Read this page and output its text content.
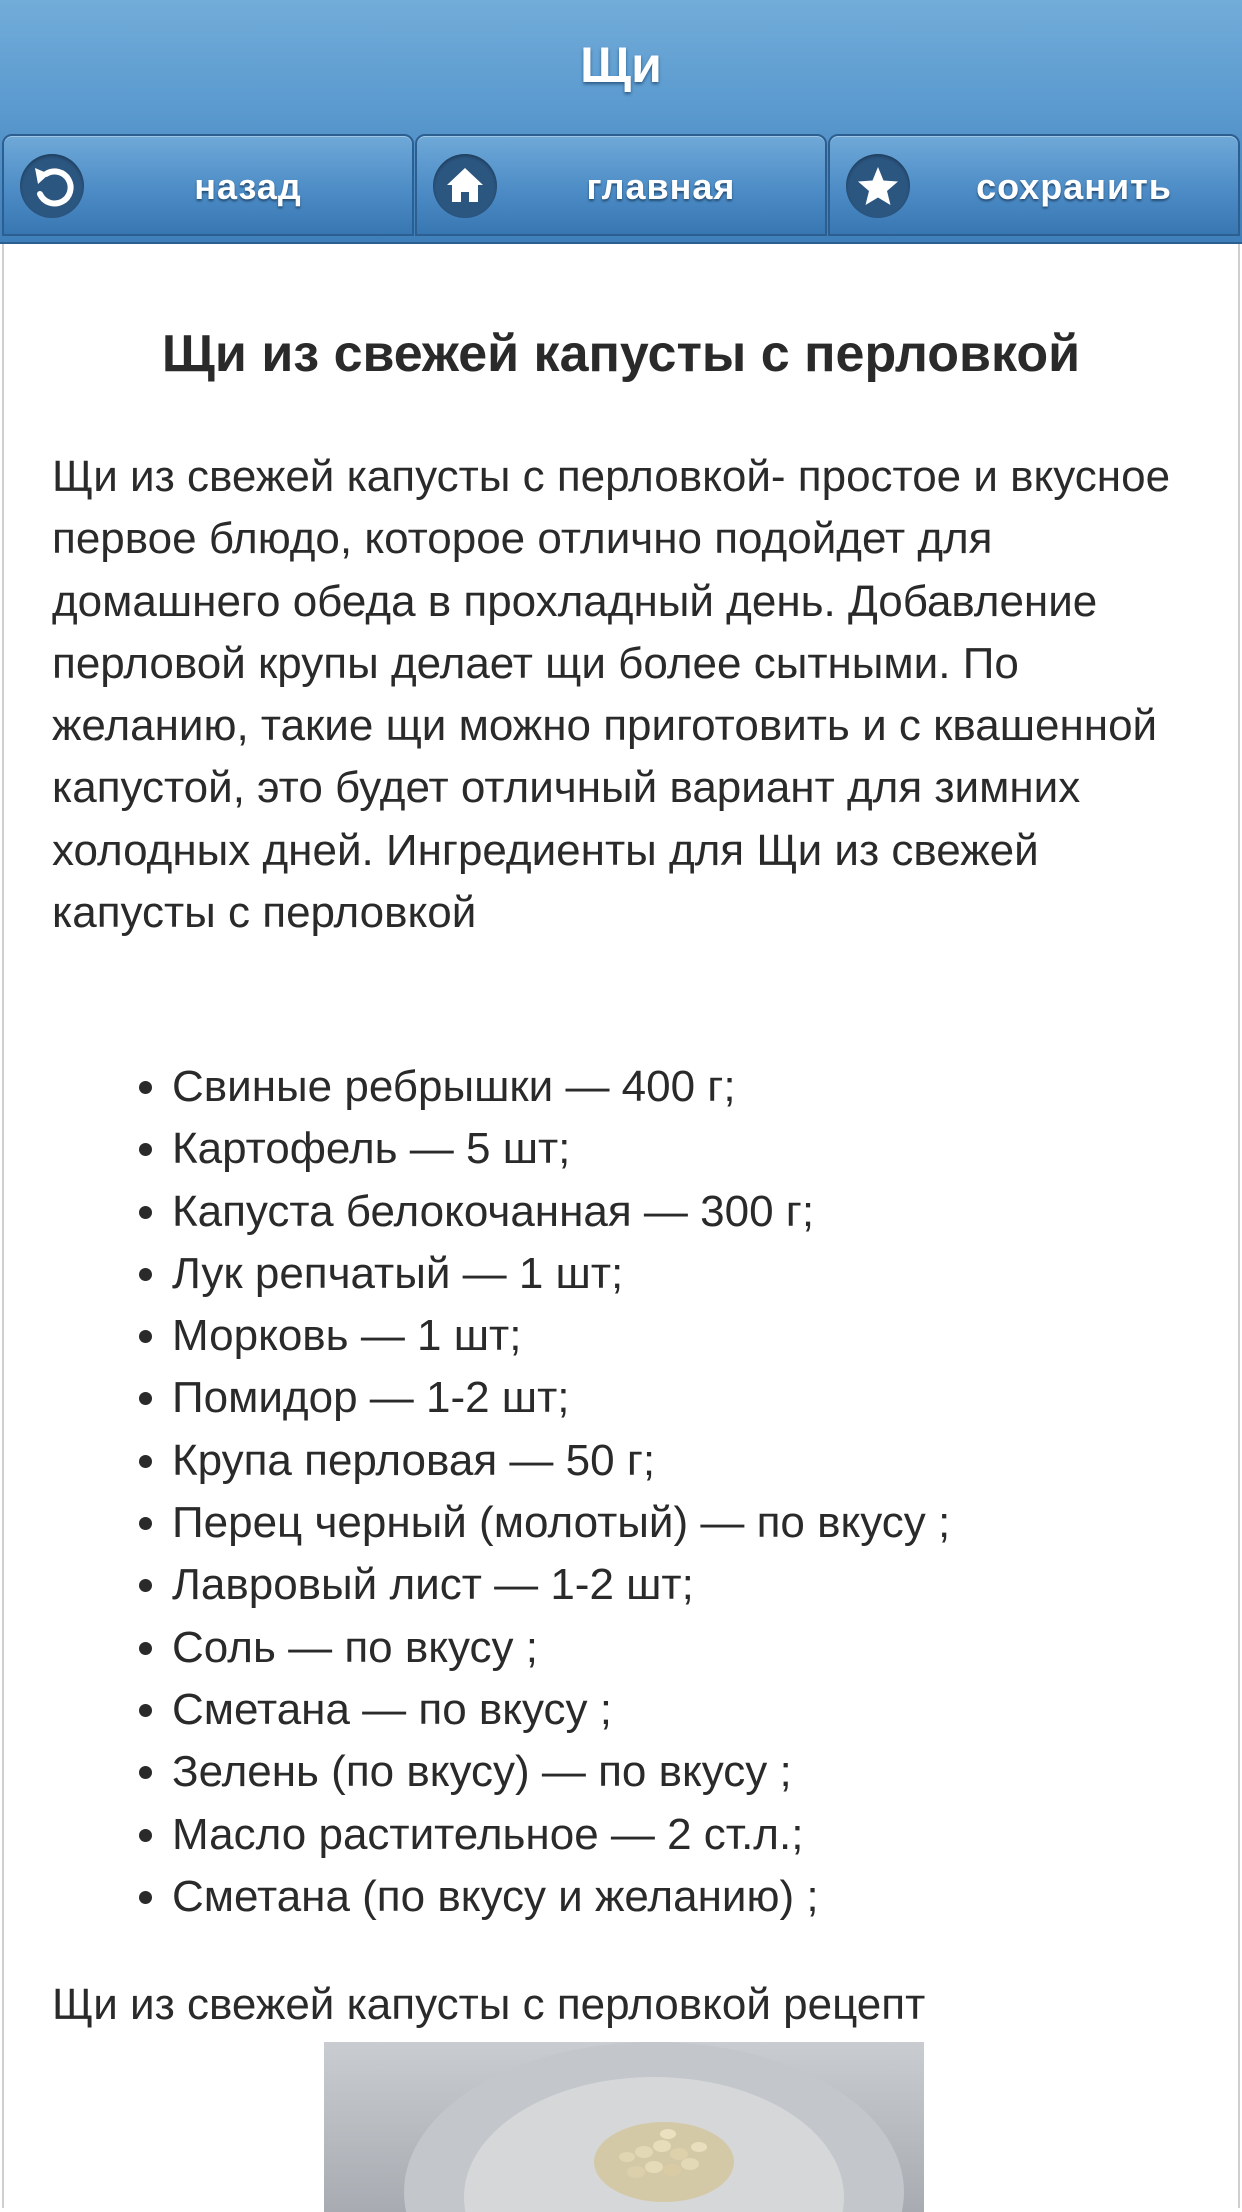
Щи
назад	главная	сохранить
Щи из свежей капусты с перловкой

Щи из свежей капусты с перловкой- простое и вкусное первое блюдо, которое отлично подойдет для домашнего обеда в прохладный день. Добавление перловой крупы делает щи более сытными. По желанию, такие щи можно приготовить и с квашенной капустой, это будет отличный вариант для зимних холодных дней. Ингредиенты для Щи из свежей капусты с перловкой

• Свиные ребрышки — 400 г;
• Картофель — 5 шт;
• Капуста белокочанная — 300 г;
• Лук репчатый — 1 шт;
• Морковь — 1 шт;
• Помидор — 1-2 шт;
• Крупа перловая — 50 г;
• Перец черный (молотый) — по вкусу ;
• Лавровый лист — 1-2 шт;
• Соль — по вкусу ;
• Сметана — по вкусу ;
• Зелень (по вкусу) — по вкусу ;
• Масло растительное — 2 ст.л.;
• Сметана (по вкусу и желанию) ;
Щи из свежей капусты с перловкой рецепт
